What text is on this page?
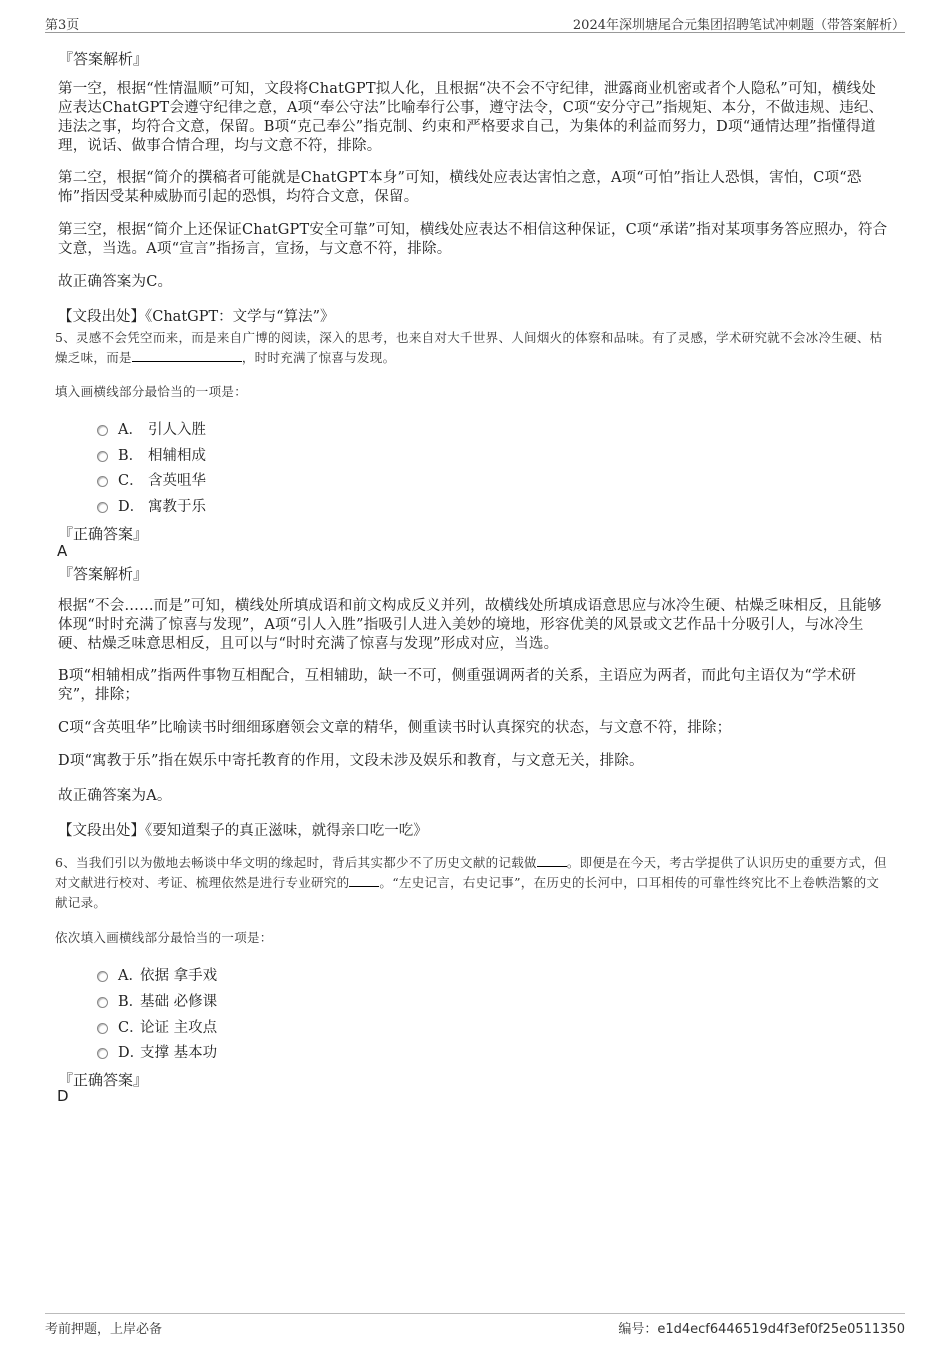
第3页	2024年深圳塘尾合元集团招聘笔试冲刺题（带答案解析）
『答案解析』
第一空，根据“性情温顺”可知，文段将ChatGPT拟人化，且根据“决不会不守纪律，泄露商业机密或者个人隐私”可知，横线处应表达ChatGPT会遵守纪律之意，A项“奉公守法”比喻奉行公事，遵守法令，C项“安分守己”指规矩、本分，不做违规、违纪、违法之事，均符合文意，保留。B项“克己奉公”指克制、约束和严格要求自己，为集体的利益而努力，D项“通情达理”指懂得道理，说话、做事合情合理，均与文意不符，排除。
第二空，根据“简介的撰稿者可能就是ChatGPT本身”可知，横线处应表达害怕之意，A项“可怕”指让人恐惧，害怕，C项“恐怖”指因受某种威胁而引起的恐惧，均符合文意，保留。
第三空，根据“简介上还保证ChatGPT安全可靠”可知，横线处应表达不相信这种保证，C项“承诺”指对某项事务答应照办，符合文意，当选。A项“宣言”指扬言，宣扬，与文意不符，排除。
故正确答案为C。
【文段出处】《ChatGPT：文学与“算法”》
5、灵感不会凭空而来，而是来自广博的阅读，深入的思考，也来自对大千世界、人间烟火的体察和品味。有了灵感，学术研究就不会冰冷生硬、枯燥乏味，而是	，时时充满了惊喜与发现。
填入画横线部分最恰当的一项是：
A． 引人入胜
B． 相辅相成
C． 含英咀华
D． 寓教于乐
『正确答案』
A
『答案解析』
根据“不会……而是”可知，横线处所填成语和前文构成反义并列，故横线处所填成语意思应与冰冷生硬、枯燥乏味相反，且能够体现“时时充满了惊喜与发现”，A项“引人入胜”指吸引人进入美妙的境地，形容优美的风景或文艺作品十分吸引人，与冰冷生硬、枯燥乏味意思相反，且可以与“时时充满了惊喜与发现”形成对应，当选。
B项“相辅相成”指两件事物互相配合，互相辅助，缺一不可，侧重强调两者的关系，主语应为两者，而此句主语仅为“学术研究”，排除；
C项“含英咀华”比喻读书时细细琢磨领会文章的精华，侧重读书时认真探究的状态，与文意不符，排除；
D项“寓教于乐”指在娱乐中寄托教育的作用，文段未涉及娱乐和教育，与文意无关，排除。
故正确答案为A。
【文段出处】《要知道梨子的真正滋味，就得亲口吃一吃》
6、当我们引以为傲地去畅谈中华文明的缘起时，背后其实都少不了历史文献的记载做 。即便是在今天，考古学提供了认识历史的重要方式，但对文献进行校对、考证、梳理依然是进行专业研究的 。“左史记言，右史记事”，在历史的长河中，口耳相传的可靠性终究比不上卷帙浩繁的文献记录。
依次填入画横线部分最恰当的一项是：
A．
依据 拿手戏
B．
基础 必修课
C．
论证 主攻点
D．
支撑 基本功
『正确答案』
D
考前押题，上岸必备	编号：e1d4ecf6446519d4f3ef0f25e0511350
